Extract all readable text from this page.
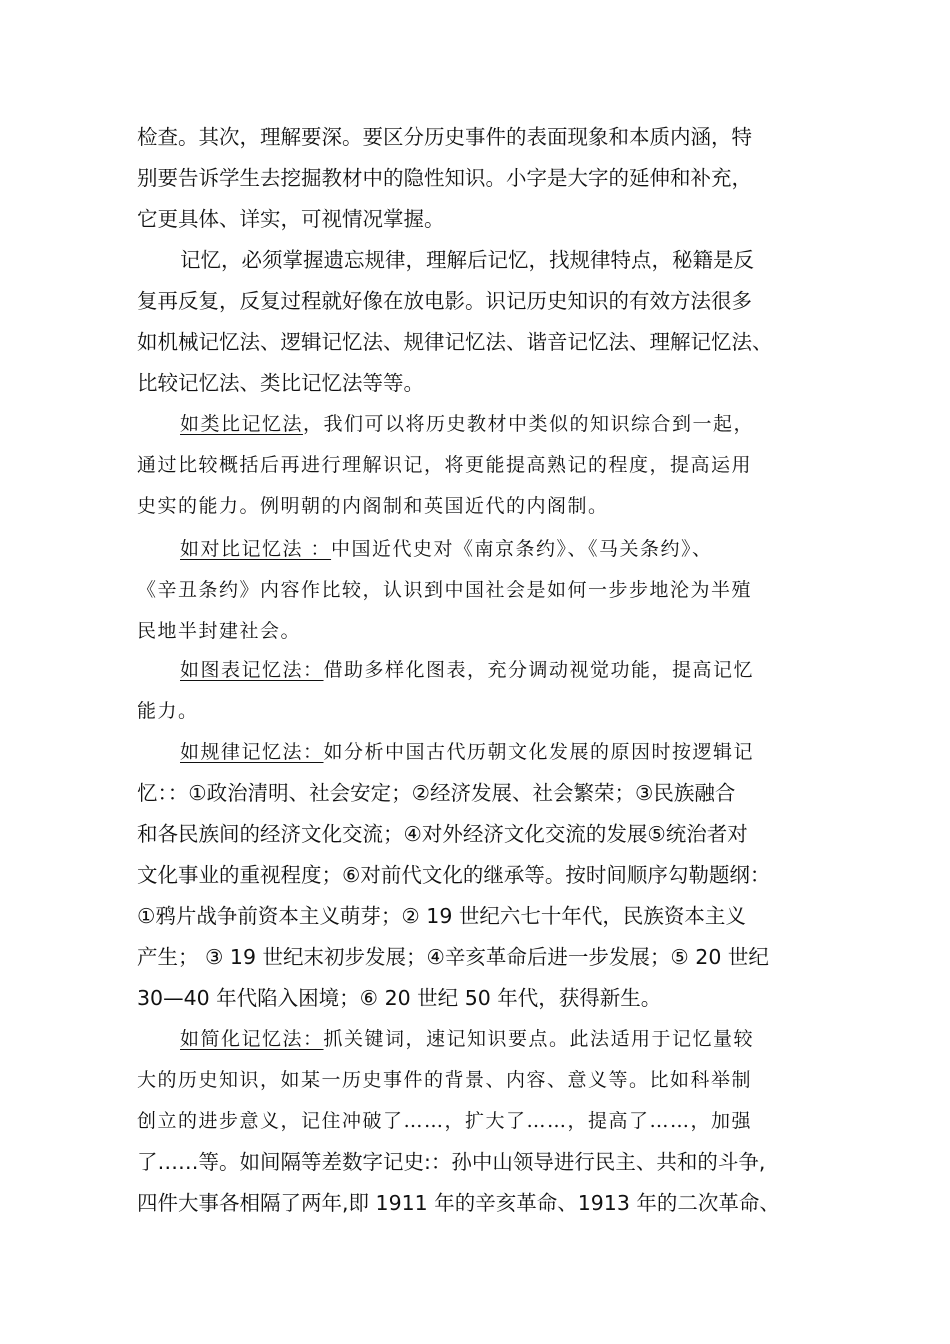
检查。其次，理解要深。要区分历史事件的表面现象和本质内涵，特
别要告诉学生去挖掘教材中的隐性知识。小字是大字的延伸和补充，
它更具体、详实，可视情况掌握。
记忆，必须掌握遗忘规律，理解后记忆，找规律特点，秘籍是反
复再反复，反复过程就好像在放电影。识记历史知识的有效方法很多
如机械记忆法、逻辑记忆法、规律记忆法、谐音记忆法、理解记忆法、
比较记忆法、类比记忆法等等。
如类比记忆法，我们可以将历史教材中类似的知识综合到一起，
通过比较概括后再进行理解识记，将更能提高熟记的程度，提高运用
史实的能力。例明朝的内阁制和英国近代的内阁制。
如对比记忆法 ：中国近代史对《南京条约》、《马关条约》、
《辛丑条约》内容作比较，认识到中国社会是如何一步步地沦为半殖
民地半封建社会。
如图表记忆法：借助多样化图表，充分调动视觉功能，提高记忆
能力。
如规律记忆法：如分析中国古代历朝文化发展的原因时按逻辑记
忆：：①政治清明、社会安定；②经济发展、社会繁荣；③民族融合
和各民族间的经济文化交流；④对外经济文化交流的发展⑤统治者对
文化事业的重视程度；⑥对前代文化的继承等。按时间顺序勾勒题纲：
①鸦片战争前资本主义萌芽；② 19 世纪六七十年代，民族资本主义
产生； ③ 19 世纪末初步发展；④辛亥革命后进一步发展；⑤ 20 世纪
30—40 年代陷入困境；⑥ 20 世纪 50 年代，获得新生。
如简化记忆法：抓关键词，速记知识要点。此法适用于记忆量较
大的历史知识，如某一历史事件的背景、内容、意义等。比如科举制
创立的进步意义，记住冲破了……，扩大了……，提高了……，加强
了……等。如间隔等差数字记史:：孙中山领导进行民主、共和的斗争,
四件大事各相隔了两年,即 1911 年的辛亥革命、1913 年的二次革命、
